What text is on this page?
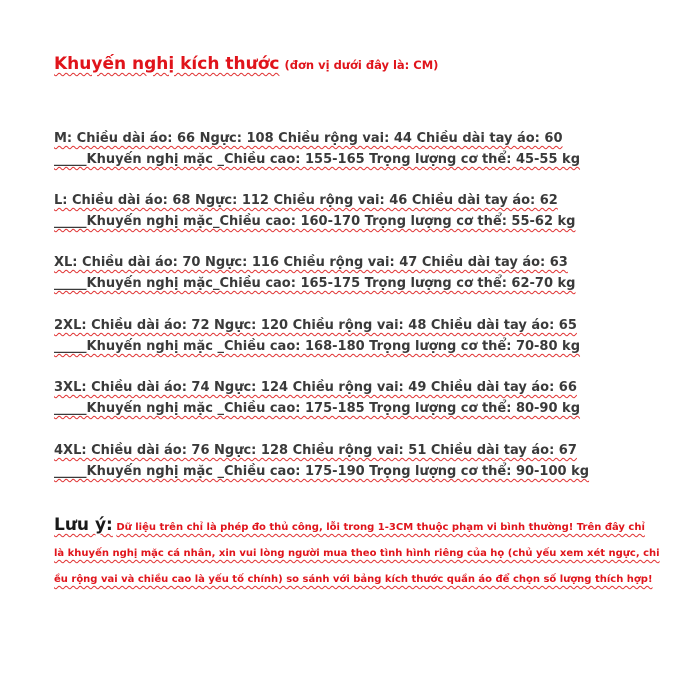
Khuyến nghị kích thước (đơn vị dưới đây là: CM)
M: Chiều dài áo: 66 Ngực: 108 Chiều rộng vai: 44 Chiều dài tay áo: 60
_____Khuyến nghị mặc _Chiều cao: 155-165 Trọng lượng cơ thể: 45-55 kg
L: Chiều dài áo: 68 Ngực: 112 Chiều rộng vai: 46 Chiều dài tay áo: 62
_____Khuyến nghị mặc_Chiều cao: 160-170 Trọng lượng cơ thể: 55-62 kg
XL: Chiều dài áo: 70 Ngực: 116 Chiều rộng vai: 47 Chiều dài tay áo: 63
_____Khuyến nghị mặc_Chiều cao: 165-175 Trọng lượng cơ thể: 62-70 kg
2XL: Chiều dài áo: 72 Ngực: 120 Chiều rộng vai: 48 Chiều dài tay áo: 65
_____Khuyến nghị mặc _Chiều cao: 168-180 Trọng lượng cơ thể: 70-80 kg
3XL: Chiều dài áo: 74 Ngực: 124 Chiều rộng vai: 49 Chiều dài tay áo: 66
_____Khuyến nghị mặc _Chiều cao: 175-185 Trọng lượng cơ thể: 80-90 kg
4XL: Chiều dài áo: 76 Ngực: 128 Chiều rộng vai: 51 Chiều dài tay áo: 67
_____Khuyến nghị mặc _Chiều cao: 175-190 Trọng lượng cơ thể: 90-100 kg
Lưu ý: Dữ liệu trên chỉ là phép đo thủ công, lỗi trong 1-3CM thuộc phạm vi bình thường! Trên đây chỉ
là khuyến nghị mặc cá nhân, xin vui lòng người mua theo tình hình riêng của họ (chủ yếu xem xét ngực, chi
ều rộng vai và chiều cao là yếu tố chính) so sánh với bảng kích thước quần áo để chọn số lượng thích hợp!
